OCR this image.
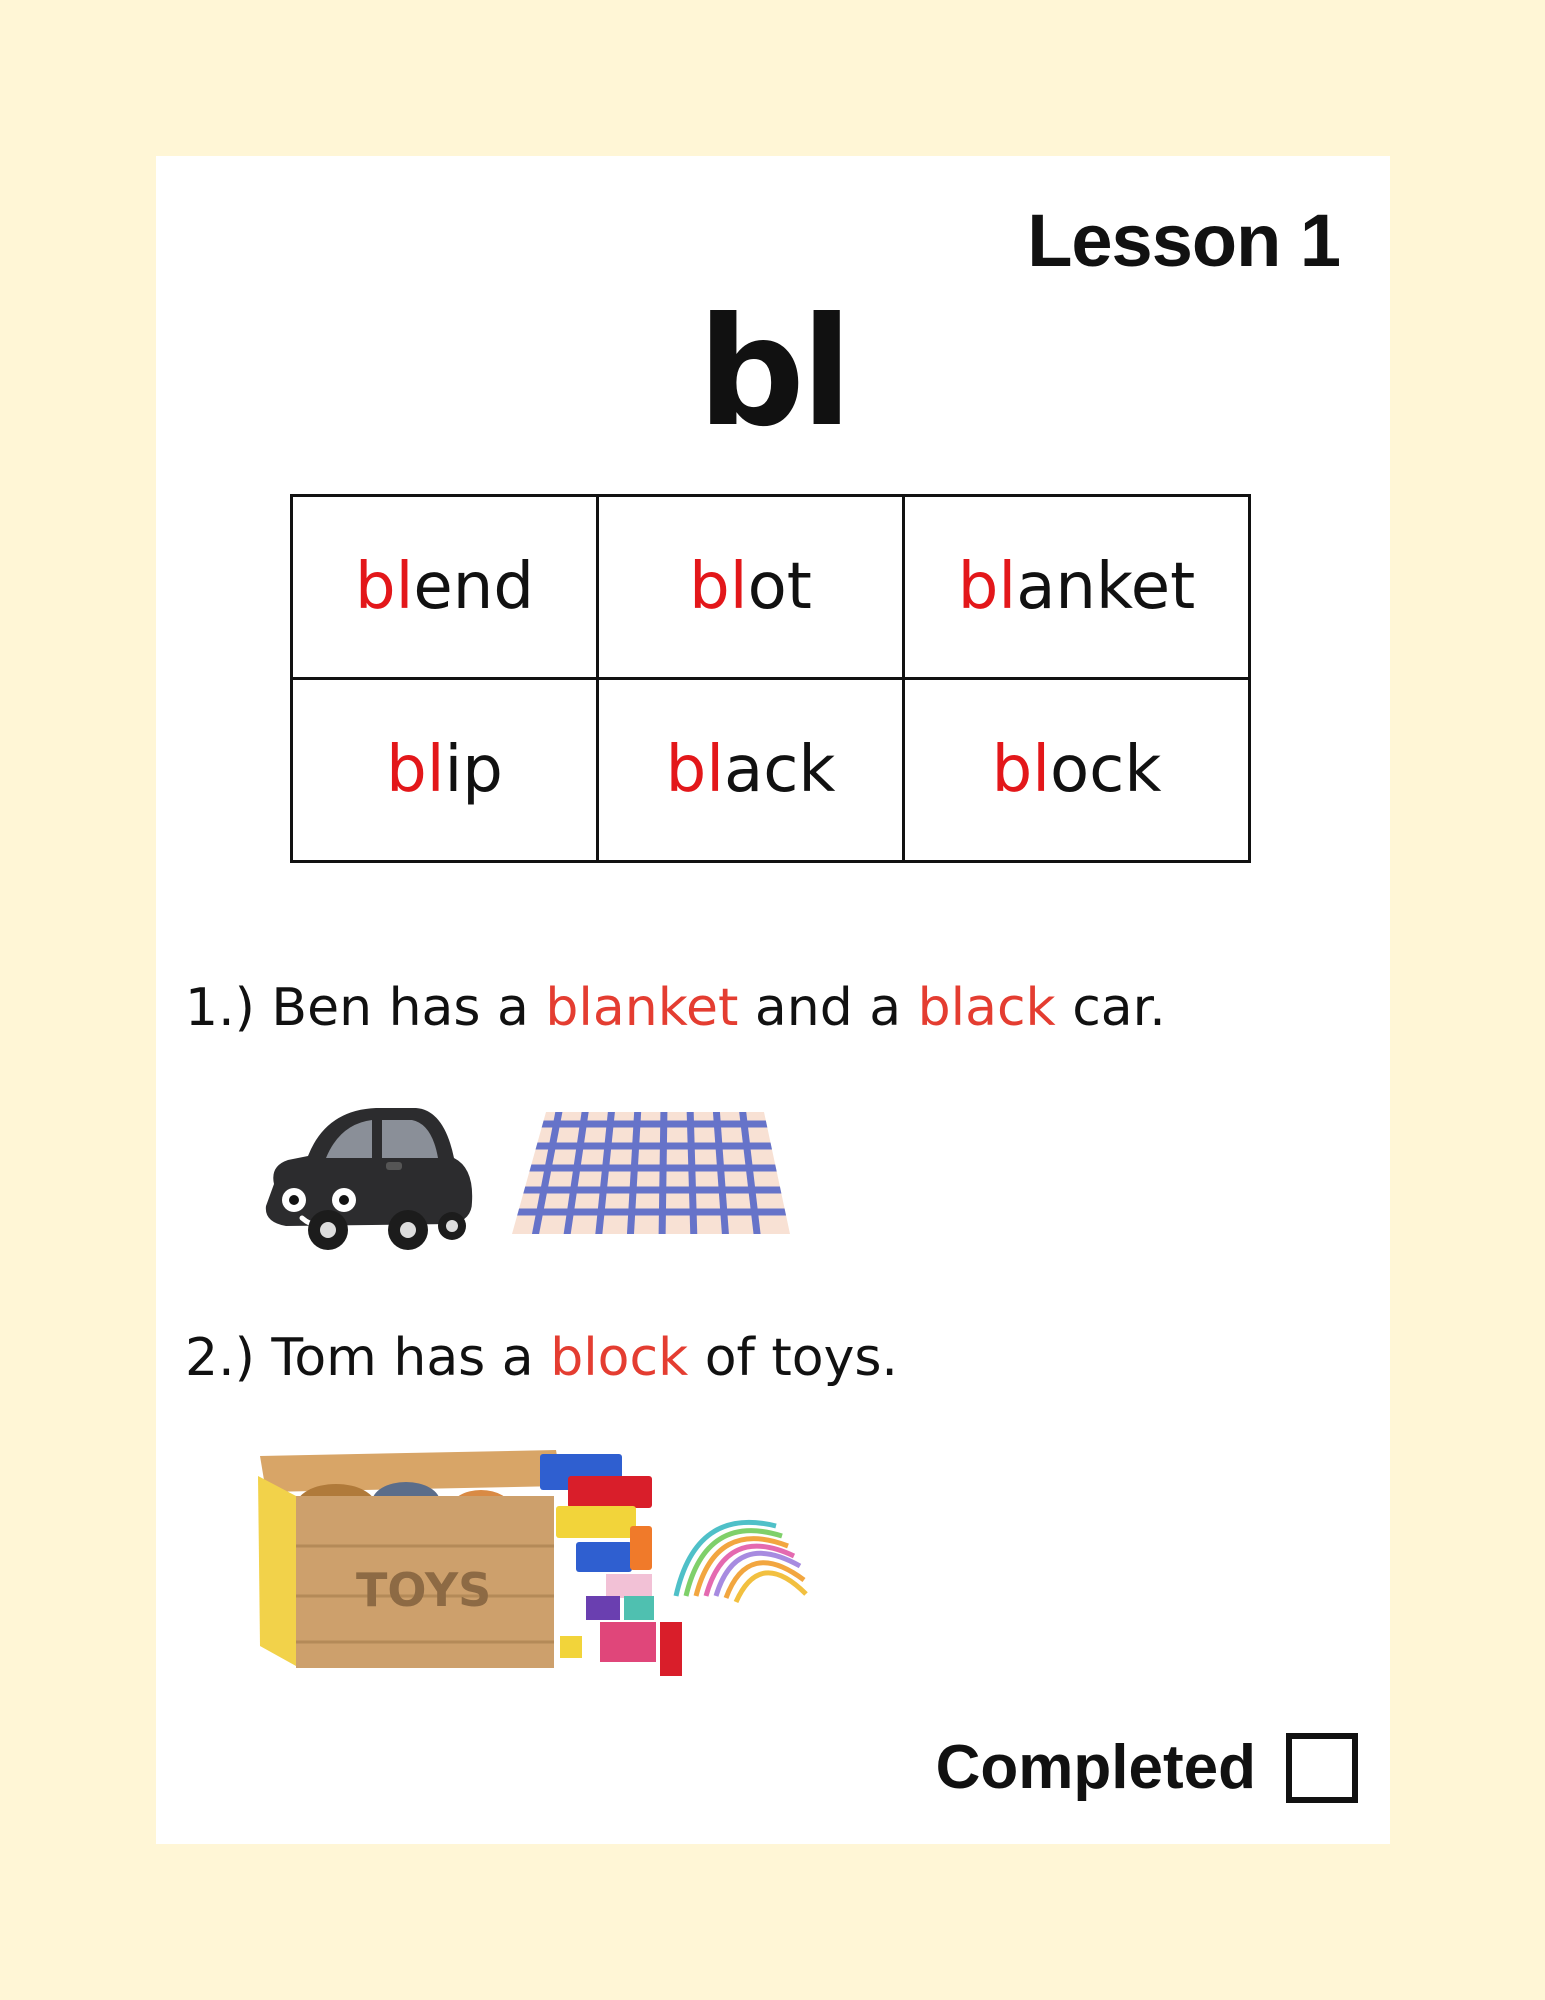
Lesson 1
bl
blend	blot	blanket
blip	black	block

1.) Ben has a blanket and a black car.

2.) Tom has a block of toys.

TOYS
Completed
